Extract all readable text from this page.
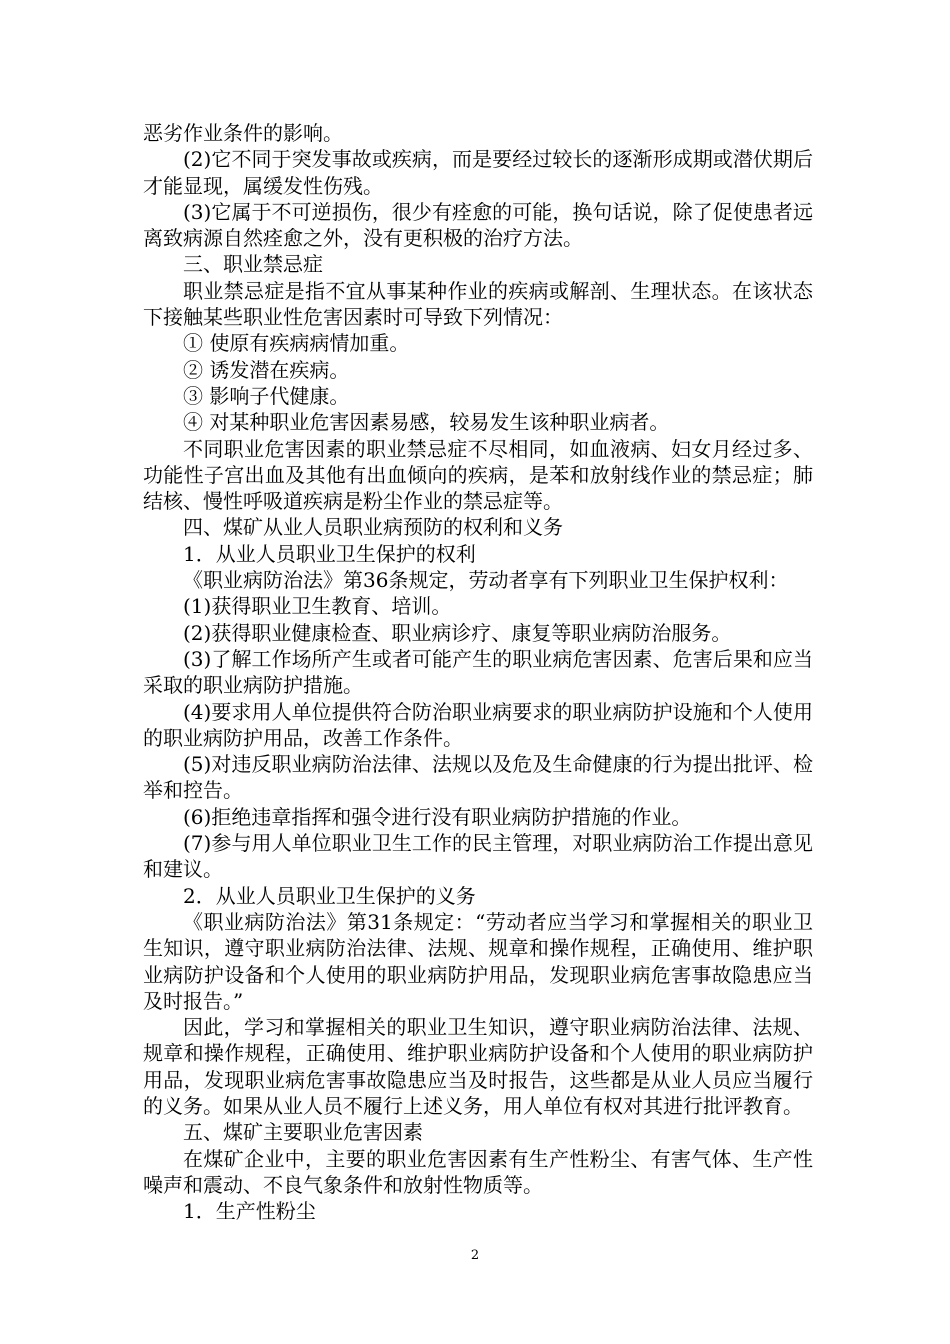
恶劣作业条件的影响。

(2)它不同于突发事故或疾病，而是要经过较长的逐渐形成期或潜伏期后才能显现，属缓发性伤残。

(3)它属于不可逆损伤，很少有痊愈的可能，换句话说，除了促使患者远离致病源自然痊愈之外，没有更积极的治疗方法。

三、职业禁忌症

职业禁忌症是指不宜从事某种作业的疾病或解剖、生理状态。在该状态下接触某些职业性危害因素时可导致下列情况：

① 使原有疾病病情加重。

② 诱发潜在疾病。

③ 影响子代健康。

④ 对某种职业危害因素易感，较易发生该种职业病者。

不同职业危害因素的职业禁忌症不尽相同，如血液病、妇女月经过多、功能性子宫出血及其他有出血倾向的疾病，是苯和放射线作业的禁忌症；肺结核、慢性呼吸道疾病是粉尘作业的禁忌症等。

四、煤矿从业人员职业病预防的权利和义务

1．从业人员职业卫生保护的权利

《职业病防治法》第36条规定，劳动者享有下列职业卫生保护权利：

(1)获得职业卫生教育、培训。

(2)获得职业健康检查、职业病诊疗、康复等职业病防治服务。

(3)了解工作场所产生或者可能产生的职业病危害因素、危害后果和应当采取的职业病防护措施。

(4)要求用人单位提供符合防治职业病要求的职业病防护设施和个人使用的职业病防护用品，改善工作条件。

(5)对违反职业病防治法律、法规以及危及生命健康的行为提出批评、检举和控告。

(6)拒绝违章指挥和强令进行没有职业病防护措施的作业。

(7)参与用人单位职业卫生工作的民主管理，对职业病防治工作提出意见和建议。

2．从业人员职业卫生保护的义务

《职业病防治法》第31条规定：“劳动者应当学习和掌握相关的职业卫生知识，遵守职业病防治法律、法规、规章和操作规程，正确使用、维护职业病防护设备和个人使用的职业病防护用品，发现职业病危害事故隐患应当及时报告。”

因此，学习和掌握相关的职业卫生知识，遵守职业病防治法律、法规、规章和操作规程，正确使用、维护职业病防护设备和个人使用的职业病防护用品，发现职业病危害事故隐患应当及时报告，这些都是从业人员应当履行的义务。如果从业人员不履行上述义务，用人单位有权对其进行批评教育。

五、煤矿主要职业危害因素

在煤矿企业中，主要的职业危害因素有生产性粉尘、有害气体、生产性噪声和震动、不良气象条件和放射性物质等。

1．生产性粉尘

2
